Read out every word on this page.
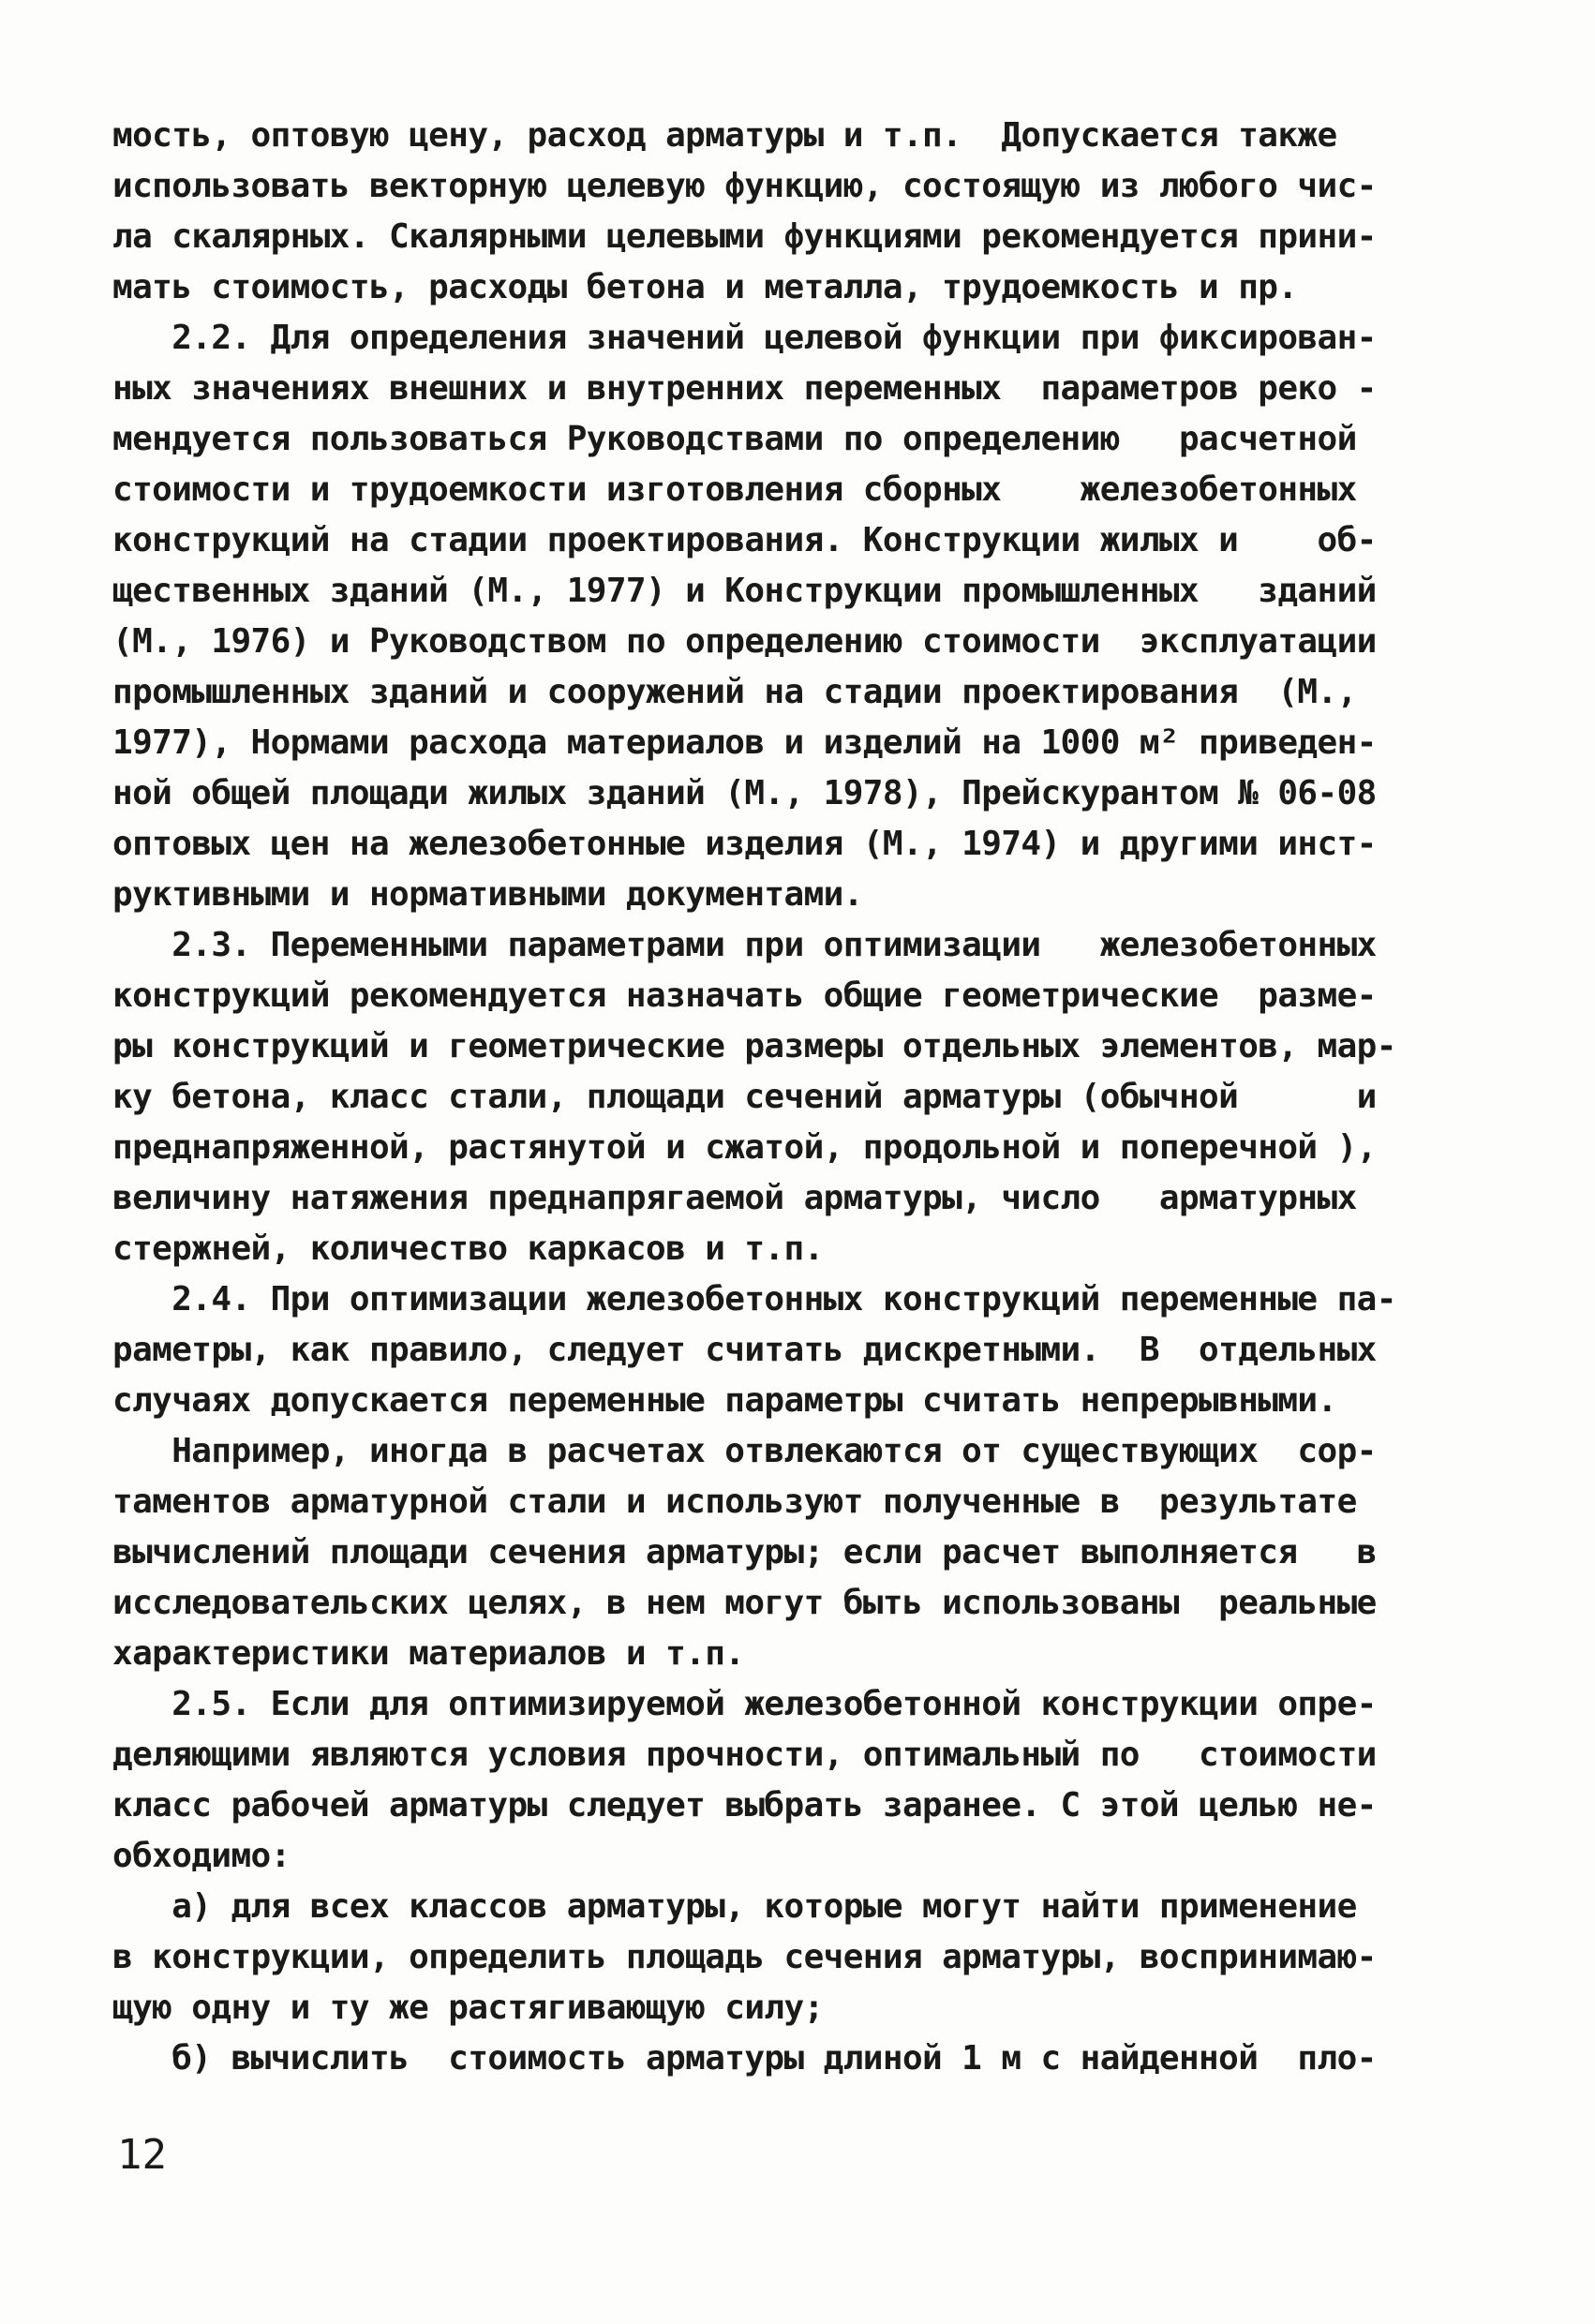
мость, оптовую цену, расход арматуры и т.п.  Допускается также
использовать векторную целевую функцию, состоящую из любого чис-
ла скалярных. Скалярными целевыми функциями рекомендуется прини-
мать стоимость, расходы бетона и металла, трудоемкость и пр.
2.2. Для определения значений целевой функции при фиксирован-
ных значениях внешних и внутренних переменных  параметров реко -
мендуется пользоваться Руководствами по определению   расчетной
стоимости и трудоемкости изготовления сборных    железобетонных
конструкций на стадии проектирования. Конструкции жилых и    об-
щественных зданий (М., 1977) и Конструкции промышленных   зданий
(М., 1976) и Руководством по определению стоимости  эксплуатации
промышленных зданий и сооружений на стадии проектирования  (М.,
1977), Нормами расхода материалов и изделий на 1000 м² приведен-
ной общей площади жилых зданий (М., 1978), Прейскурантом № 06-08
оптовых цен на железобетонные изделия (М., 1974) и другими инст-
руктивными и нормативными документами.
2.3. Переменными параметрами при оптимизации   железобетонных
конструкций рекомендуется назначать общие геометрические  разме-
ры конструкций и геометрические размеры отдельных элементов, мар-
ку бетона, класс стали, площади сечений арматуры (обычной      и
преднапряженной, растянутой и сжатой, продольной и поперечной ),
величину натяжения преднапрягаемой арматуры, число   арматурных
стержней, количество каркасов и т.п.
2.4. При оптимизации железобетонных конструкций переменные па-
раметры, как правило, следует считать дискретными.  В  отдельных
случаях допускается переменные параметры считать непрерывными.
Например, иногда в расчетах отвлекаются от существующих  сор-
таментов арматурной стали и используют полученные в  результате
вычислений площади сечения арматуры; если расчет выполняется   в
исследовательских целях, в нем могут быть использованы  реальные
характеристики материалов и т.п.
2.5. Если для оптимизируемой железобетонной конструкции опре-
деляющими являются условия прочности, оптимальный по   стоимости
класс рабочей арматуры следует выбрать заранее. С этой целью не-
обходимо:
а) для всех классов арматуры, которые могут найти применение
в конструкции, определить площадь сечения арматуры, воспринимаю-
щую одну и ту же растягивающую силу;
б) вычислить  стоимость арматуры длиной 1 м с найденной  пло-
12
